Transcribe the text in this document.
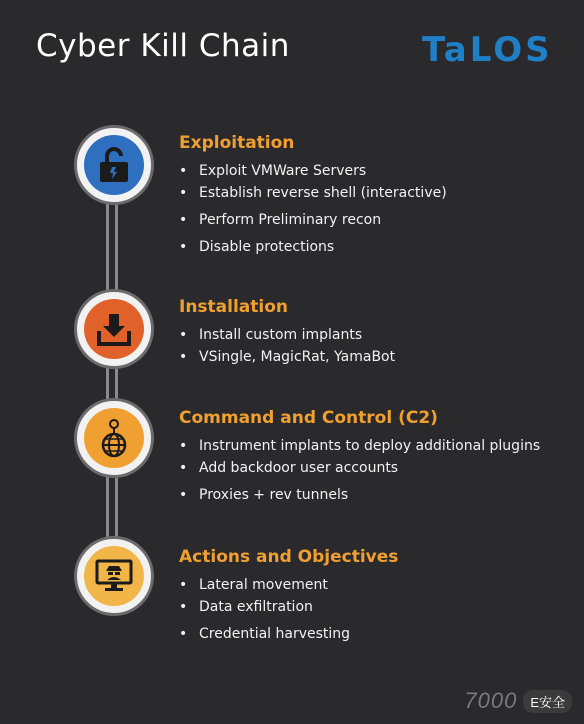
Cyber Kill Chain	TaLOS
Exploitation
• Exploit VMWare Servers
• Establish reverse shell (interactive)
• Perform Preliminary recon
• Disable protections
Installation
• Install custom implants
• VSingle, MagicRat, YamaBot
Command and Control (C2)
• Instrument implants to deploy additional plugins
• Add backdoor user accounts
• Proxies + rev tunnels
Actions and Objectives
• Lateral movement
• Data exfiltration
• Credential harvesting
7000	E安全
